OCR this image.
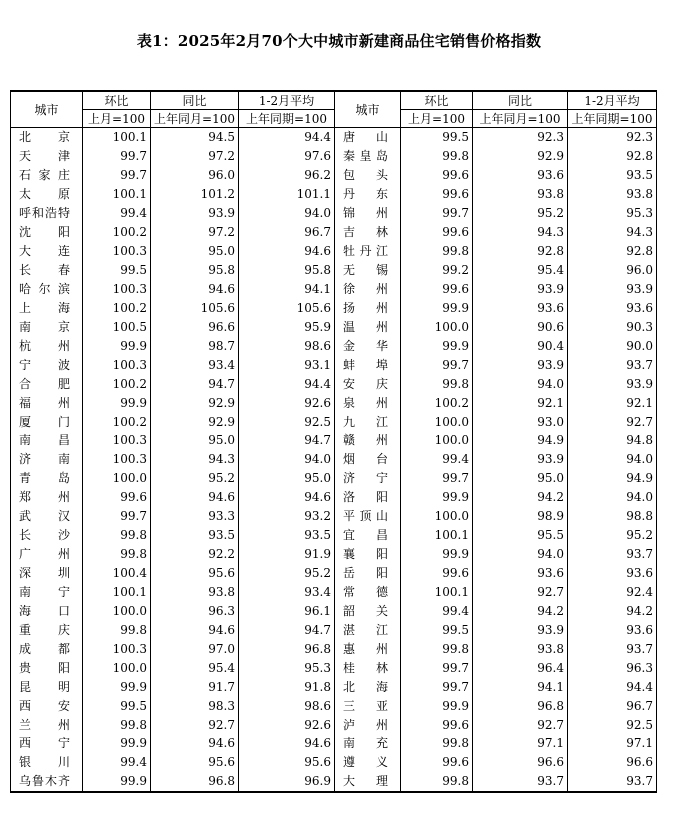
表1：2025年2月70个大中城市新建商品住宅销售价格指数
城市	环比	同比	1-2月平均	城市	环比	同比	1-2月平均
	上月=100	上年同月=100	上年同期=100		上月=100	上年同月=100	上年同期=100
北京	100.1	94.5	94.4	唐山	99.5	92.3	92.3
天津	99.7	97.2	97.6	秦皇岛	99.8	92.9	92.8
石家庄	99.7	96.0	96.2	包头	99.6	93.6	93.5
太原	100.1	101.2	101.1	丹东	99.6	93.8	93.8
呼和浩特	99.4	93.9	94.0	锦州	99.7	95.2	95.3
沈阳	100.2	97.2	96.7	吉林	99.6	94.3	94.3
大连	100.3	95.0	94.6	牡丹江	99.8	92.8	92.8
长春	99.5	95.8	95.8	无锡	99.2	95.4	96.0
哈尔滨	100.3	94.6	94.1	徐州	99.6	93.9	93.9
上海	100.2	105.6	105.6	扬州	99.9	93.6	93.6
南京	100.5	96.6	95.9	温州	100.0	90.6	90.3
杭州	99.9	98.7	98.6	金华	99.9	90.4	90.0
宁波	100.3	93.4	93.1	蚌埠	99.7	93.9	93.7
合肥	100.2	94.7	94.4	安庆	99.8	94.0	93.9
福州	99.9	92.9	92.6	泉州	100.2	92.1	92.1
厦门	100.2	92.9	92.5	九江	100.0	93.0	92.7
南昌	100.3	95.0	94.7	赣州	100.0	94.9	94.8
济南	100.3	94.3	94.0	烟台	99.4	93.9	94.0
青岛	100.0	95.2	95.0	济宁	99.7	95.0	94.9
郑州	99.6	94.6	94.6	洛阳	99.9	94.2	94.0
武汉	99.7	93.3	93.2	平顶山	100.0	98.9	98.8
长沙	99.8	93.5	93.5	宜昌	100.1	95.5	95.2
广州	99.8	92.2	91.9	襄阳	99.9	94.0	93.7
深圳	100.4	95.6	95.2	岳阳	99.6	93.6	93.6
南宁	100.1	93.8	93.4	常德	100.1	92.7	92.4
海口	100.0	96.3	96.1	韶关	99.4	94.2	94.2
重庆	99.8	94.6	94.7	湛江	99.5	93.9	93.6
成都	100.3	97.0	96.8	惠州	99.8	93.8	93.7
贵阳	100.0	95.4	95.3	桂林	99.7	96.4	96.3
昆明	99.9	91.7	91.8	北海	99.7	94.1	94.4
西安	99.5	98.3	98.6	三亚	99.9	96.8	96.7
兰州	99.8	92.7	92.6	泸州	99.6	92.7	92.5
西宁	99.9	94.6	94.6	南充	99.8	97.1	97.1
银川	99.4	95.6	95.6	遵义	99.6	96.6	96.6
乌鲁木齐	99.9	96.8	96.9	大理	99.8	93.7	93.7
